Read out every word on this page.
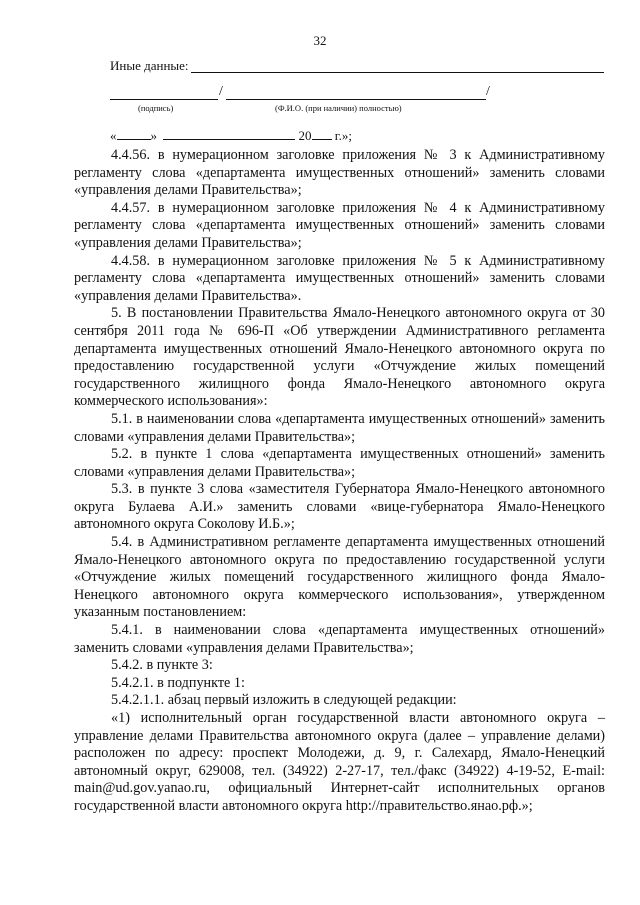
32
Иные данные:
/	/
(подпись)	(Ф.И.О. (при наличии) полностью)
«	»	20 г.»;

4.4.56. в нумерационном заголовке приложения № 3 к Административному регламенту слова «департамента имущественных отношений» заменить словами «управления делами Правительства»;

4.4.57. в нумерационном заголовке приложения № 4 к Административному регламенту слова «департамента имущественных отношений» заменить словами «управления делами Правительства»;

4.4.58. в нумерационном заголовке приложения № 5 к Административному регламенту слова «департамента имущественных отношений» заменить словами «управления делами Правительства».

5. В постановлении Правительства Ямало-Ненецкого автономного округа от 30 сентября 2011 года № 696-П «Об утверждении Административного регламента департамента имущественных отношений Ямало-Ненецкого автономного округа по предоставлению государственной услуги «Отчуждение жилых помещений государственного жилищного фонда Ямало-Ненецкого автономного округа коммерческого использования»:

5.1. в наименовании слова «департамента имущественных отношений» заменить словами «управления делами Правительства»;

5.2. в пункте 1 слова «департамента имущественных отношений» заменить словами «управления делами Правительства»;

5.3. в пункте 3 слова «заместителя Губернатора Ямало-Ненецкого автономного округа Булаева А.И.» заменить словами «вице-губернатора Ямало-Ненецкого автономного округа Соколову И.Б.»;

5.4. в Административном регламенте департамента имущественных отношений Ямало-Ненецкого автономного округа по предоставлению государственной услуги «Отчуждение жилых помещений государственного жилищного фонда Ямало-Ненецкого автономного округа коммерческого использования», утвержденном указанным постановлением:

5.4.1. в наименовании слова «департамента имущественных отношений» заменить словами «управления делами Правительства»;

5.4.2. в пункте 3:

5.4.2.1. в подпункте 1:

5.4.2.1.1. абзац первый изложить в следующей редакции:

«1) исполнительный орган государственной власти автономного округа – управление делами Правительства автономного округа (далее – управление делами) расположен по адресу: проспект Молодежи, д. 9, г. Салехард, Ямало-Ненецкий автономный округ, 629008, тел. (34922) 2-27-17, тел./факс (34922) 4-19-52, E-mail: main@ud.gov.yanao.ru, официальный Интернет-сайт исполнительных органов государственной власти автономного округа http://правительство.янао.рф.»;
